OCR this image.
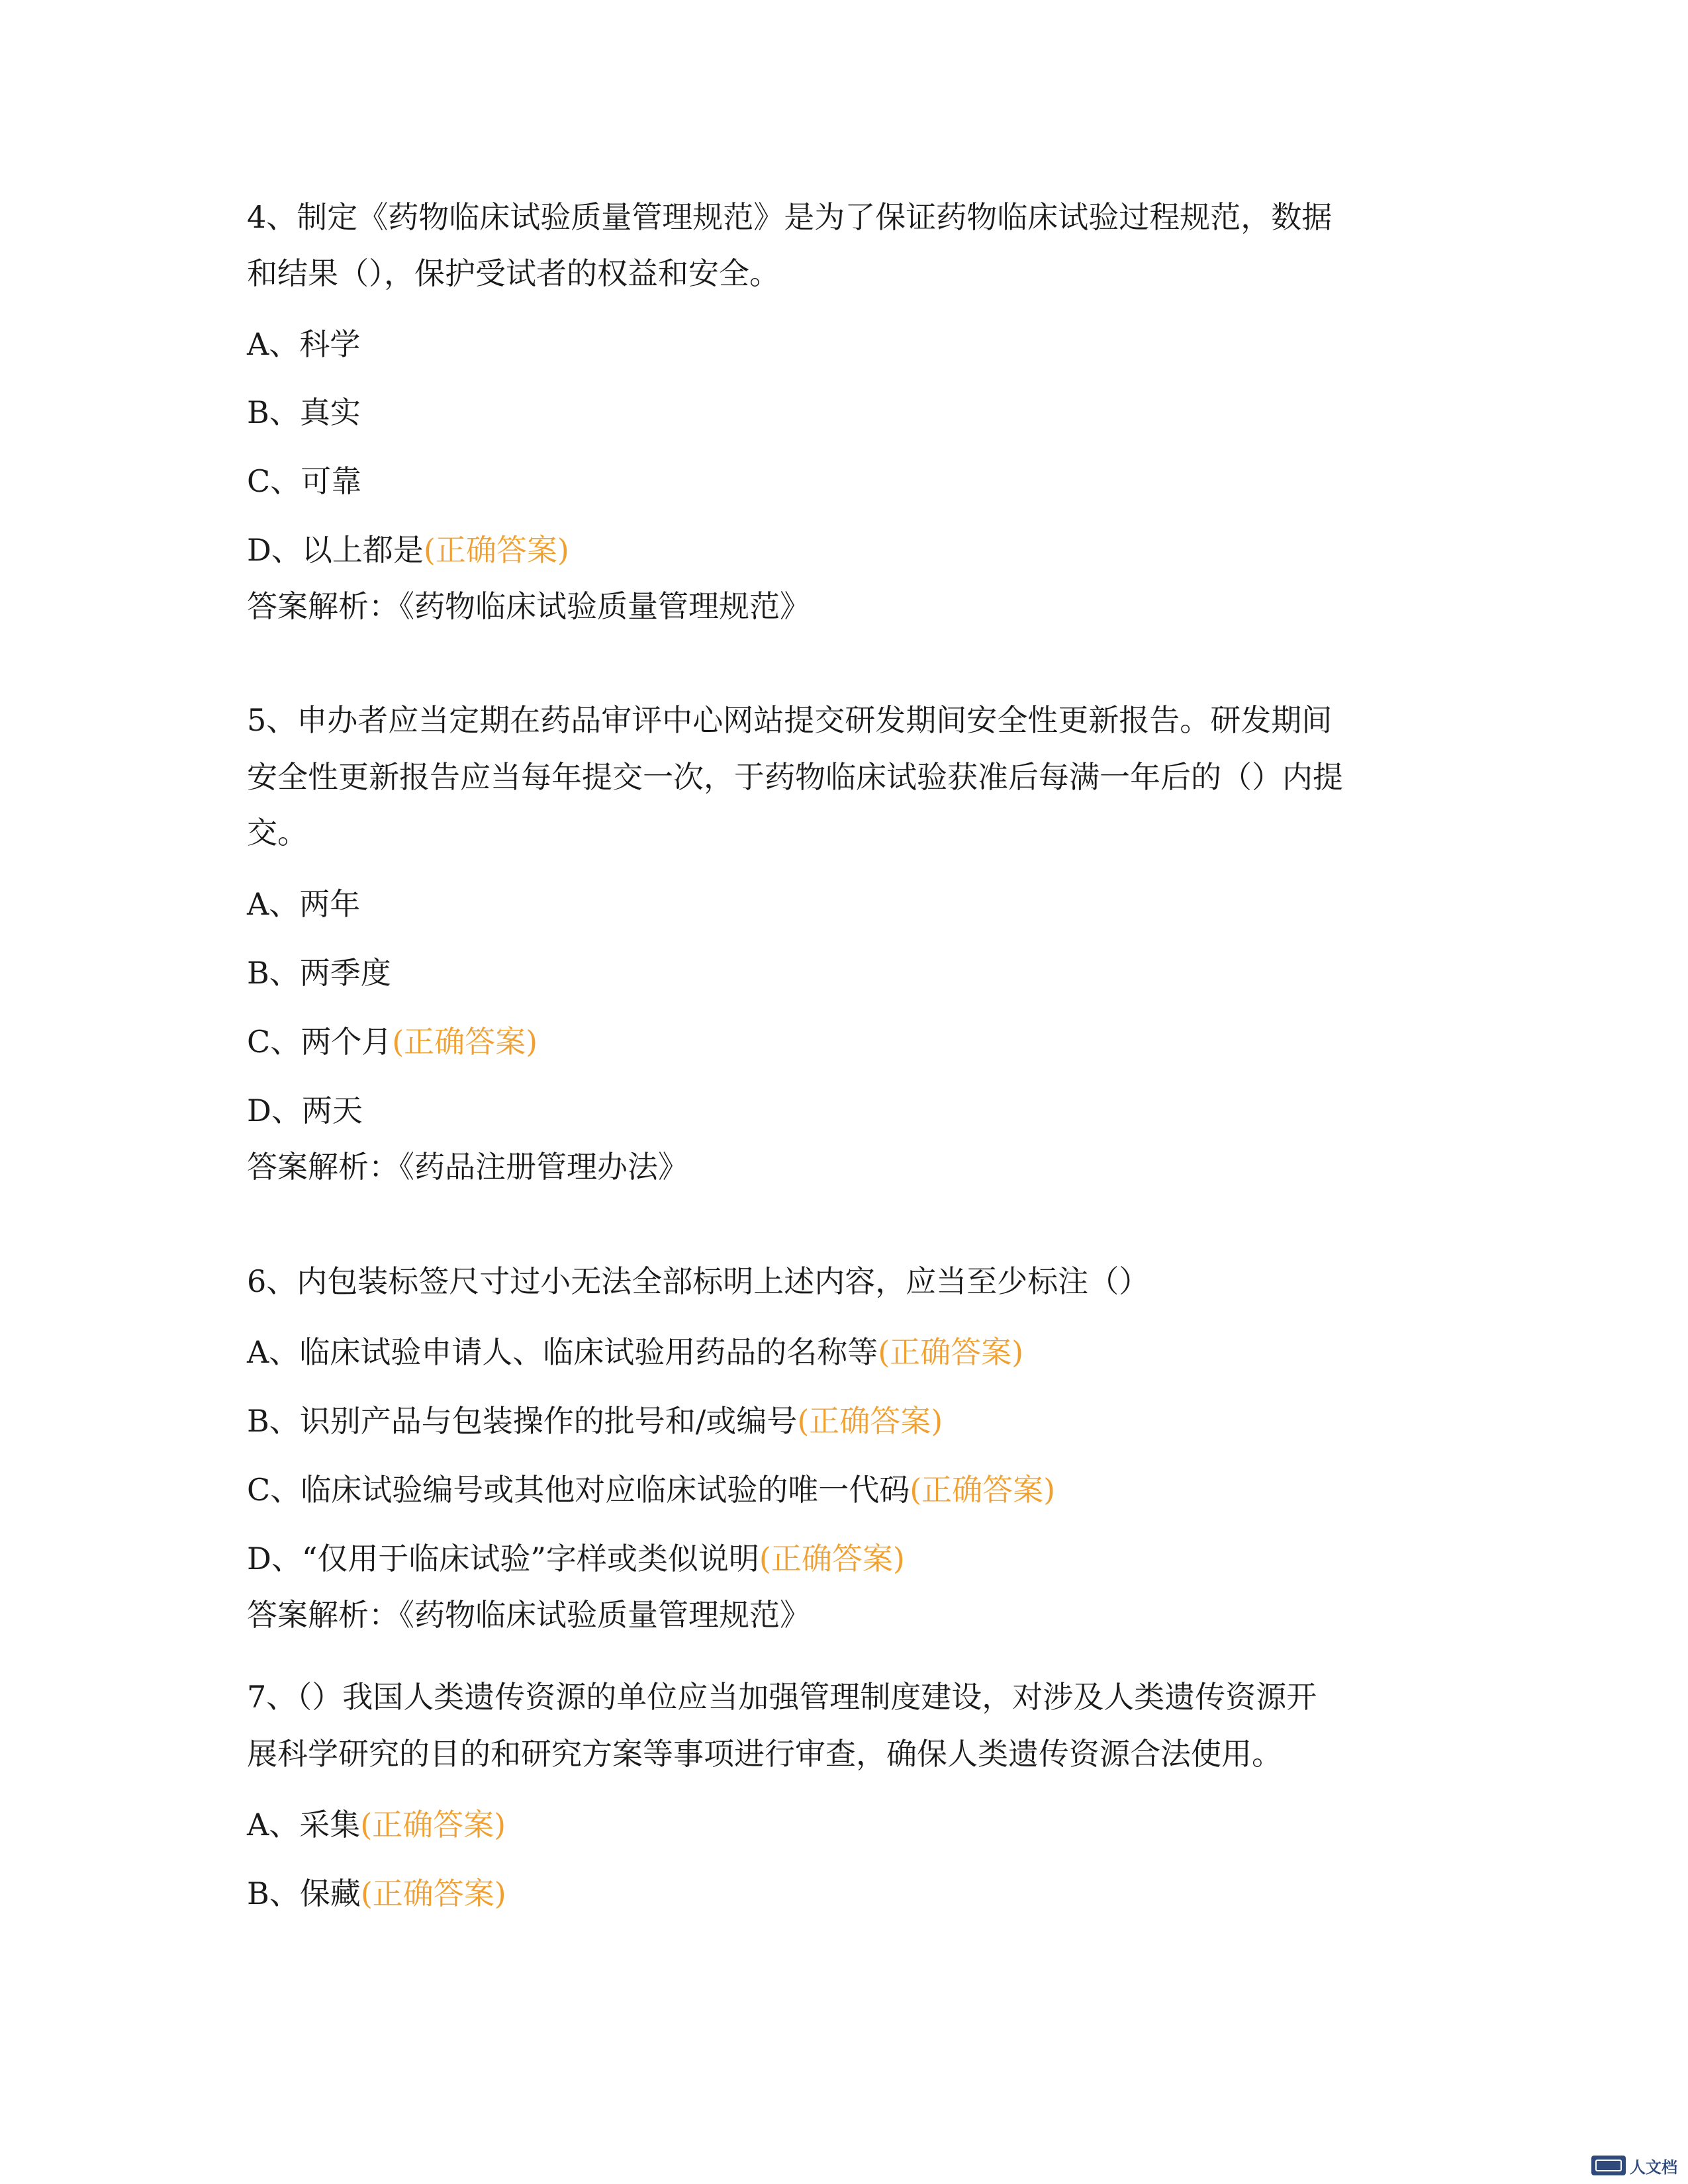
4、制定《药物临床试验质量管理规范》是为了保证药物临床试验过程规范，数据

和结果（），保护受试者的权益和安全。

A、科学

B、真实

C、可靠

D、以上都是(正确答案)

答案解析：《药物临床试验质量管理规范》

5、申办者应当定期在药品审评中心网站提交研发期间安全性更新报告。研发期间

安全性更新报告应当每年提交一次，于药物临床试验获准后每满一年后的（）内提

交。

A、两年

B、两季度

C、两个月(正确答案)

D、两天

答案解析：《药品注册管理办法》

6、内包装标签尺寸过小无法全部标明上述内容，应当至少标注（）

A、临床试验申请人、临床试验用药品的名称等(正确答案)

B、识别产品与包装操作的批号和/或编号(正确答案)

C、临床试验编号或其他对应临床试验的唯一代码(正确答案)

D、“仅用于临床试验”字样或类似说明(正确答案)

答案解析：《药物临床试验质量管理规范》

7、（）我国人类遗传资源的单位应当加强管理制度建设，对涉及人类遗传资源开

展科学研究的目的和研究方案等事项进行审查，确保人类遗传资源合法使用。

A、采集(正确答案)

B、保藏(正确答案)

人文档
